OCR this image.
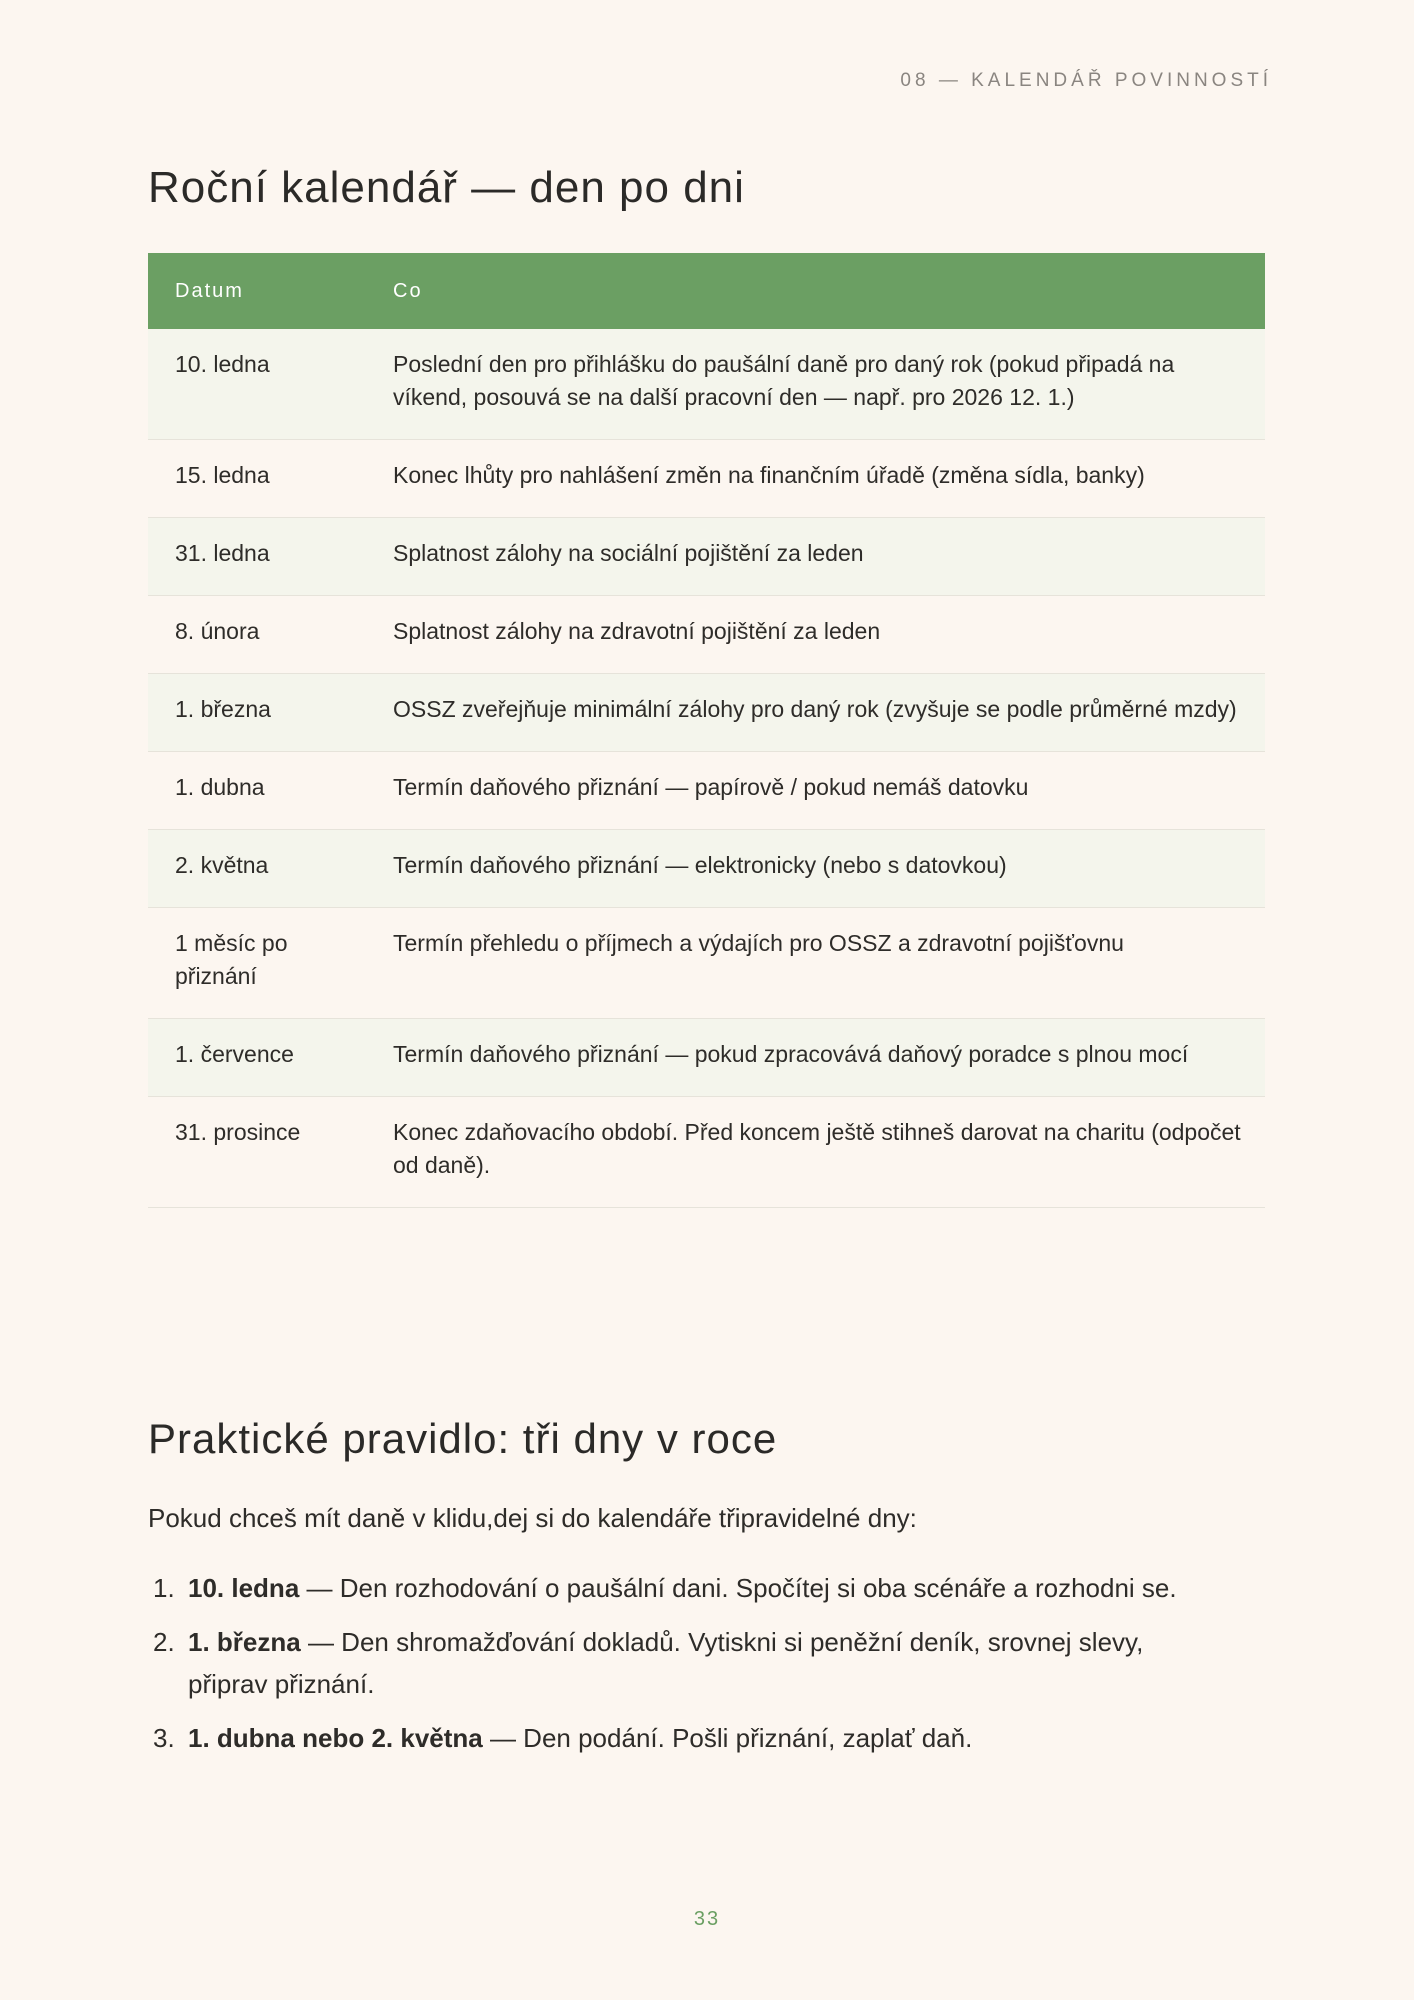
08 — KALENDÁŘ POVINNOSTÍ
Roční kalendář — den po dni
Datum	Co
10. ledna	Poslední den pro přihlášku do paušální daně pro daný rok (pokud připadá na víkend, posouvá se na další pracovní den — např. pro 2026 12. 1.)
15. ledna	Konec lhůty pro nahlášení změn na finančním úřadě (změna sídla, banky)
31. ledna	Splatnost zálohy na sociální pojištění za leden
8. února	Splatnost zálohy na zdravotní pojištění za leden
1. března	OSSZ zveřejňuje minimální zálohy pro daný rok (zvyšuje se podle průměrné mzdy)
1. dubna	Termín daňového přiznání — papírově / pokud nemáš datovku
2. května	Termín daňového přiznání — elektronicky (nebo s datovkou)
1 měsíc po přiznání	Termín přehledu o příjmech a výdajích pro OSSZ a zdravotní pojišťovnu
1. července	Termín daňového přiznání — pokud zpracovává daňový poradce s plnou mocí
31. prosince	Konec zdaňovacího období. Před koncem ještě stihneš darovat na charitu (odpočet od daně).
Praktické pravidlo: tři dny v roce

Pokud chceš mít daně v klidu,dej si do kalendáře třipravidelné dny:

1. 10. ledna — Den rozhodování o paušální dani. Spočítej si oba scénáře a rozhodni se.
2. 1. března — Den shromažďování dokladů. Vytiskni si peněžní deník, srovnej slevy, připrav přiznání.
3. 1. dubna nebo 2. května — Den podání. Pošli přiznání, zaplať daň.
33
